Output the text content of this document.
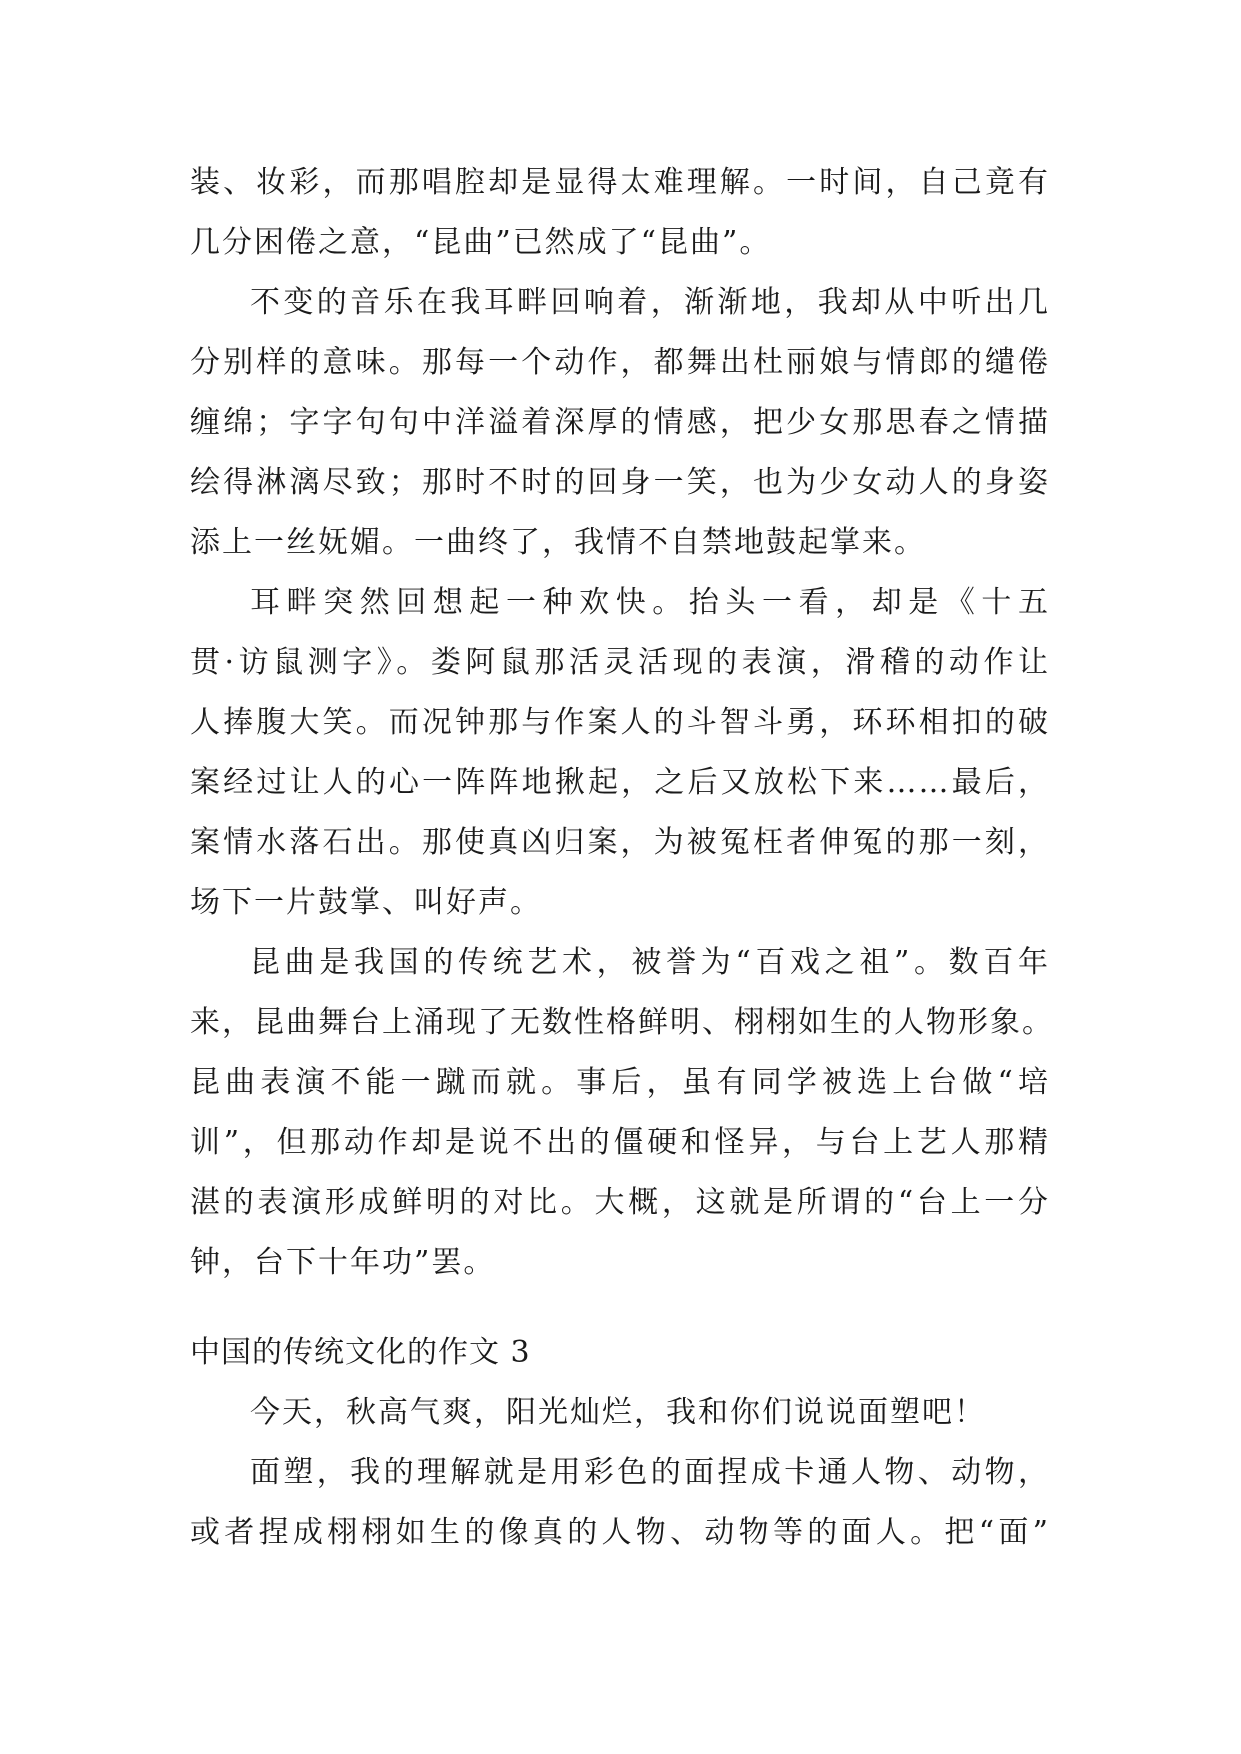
装、妆彩，而那唱腔却是显得太难理解。一时间，自己竟有
几分困倦之意，“昆曲”已然成了“昆曲”。
不变的音乐在我耳畔回响着，渐渐地，我却从中听出几
分别样的意味。那每一个动作，都舞出杜丽娘与情郎的缱倦
缠绵；字字句句中洋溢着深厚的情感，把少女那思春之情描
绘得淋漓尽致；那时不时的回身一笑，也为少女动人的身姿
添上一丝妩媚。一曲终了，我情不自禁地鼓起掌来。
耳畔突然回想起一种欢快。抬头一看，却是《十五
贯·访鼠测字》。娄阿鼠那活灵活现的表演，滑稽的动作让
人捧腹大笑。而况钟那与作案人的斗智斗勇，环环相扣的破
案经过让人的心一阵阵地揪起，之后又放松下来……最后，
案情水落石出。那使真凶归案，为被冤枉者伸冤的那一刻，
场下一片鼓掌、叫好声。
昆曲是我国的传统艺术，被誉为“百戏之祖”。数百年
来，昆曲舞台上涌现了无数性格鲜明、栩栩如生的人物形象。
昆曲表演不能一蹴而就。事后，虽有同学被选上台做“培
训”，但那动作却是说不出的僵硬和怪异，与台上艺人那精
湛的表演形成鲜明的对比。大概，这就是所谓的“台上一分
钟，台下十年功”罢。
中国的传统文化的作文 3
今天，秋高气爽，阳光灿烂，我和你们说说面塑吧！
面塑，我的理解就是用彩色的面捏成卡通人物、动物，
或者捏成栩栩如生的像真的人物、动物等的面人。把“面”
